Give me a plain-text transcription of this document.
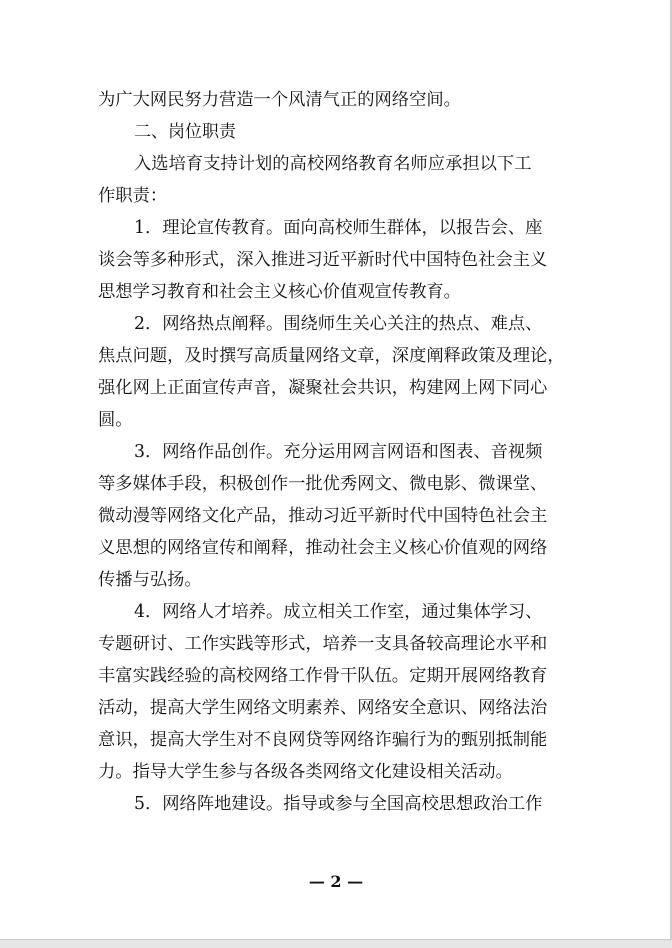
为广大网民努力营造一个风清气正的网络空间。
二、岗位职责
入选培育支持计划的高校网络教育名师应承担以下工
作职责：
1．理论宣传教育。面向高校师生群体，以报告会、座
谈会等多种形式，深入推进习近平新时代中国特色社会主义
思想学习教育和社会主义核心价值观宣传教育。
2．网络热点阐释。围绕师生关心关注的热点、难点、
焦点问题，及时撰写高质量网络文章，深度阐释政策及理论，
强化网上正面宣传声音，凝聚社会共识，构建网上网下同心
圆。
3．网络作品创作。充分运用网言网语和图表、音视频
等多媒体手段，积极创作一批优秀网文、微电影、微课堂、
微动漫等网络文化产品，推动习近平新时代中国特色社会主
义思想的网络宣传和阐释，推动社会主义核心价值观的网络
传播与弘扬。
4．网络人才培养。成立相关工作室，通过集体学习、
专题研讨、工作实践等形式，培养一支具备较高理论水平和
丰富实践经验的高校网络工作骨干队伍。定期开展网络教育
活动，提高大学生网络文明素养、网络安全意识、网络法治
意识，提高大学生对不良网贷等网络诈骗行为的甄别抵制能
力。指导大学生参与各级各类网络文化建设相关活动。
5．网络阵地建设。指导或参与全国高校思想政治工作
— 2 —
